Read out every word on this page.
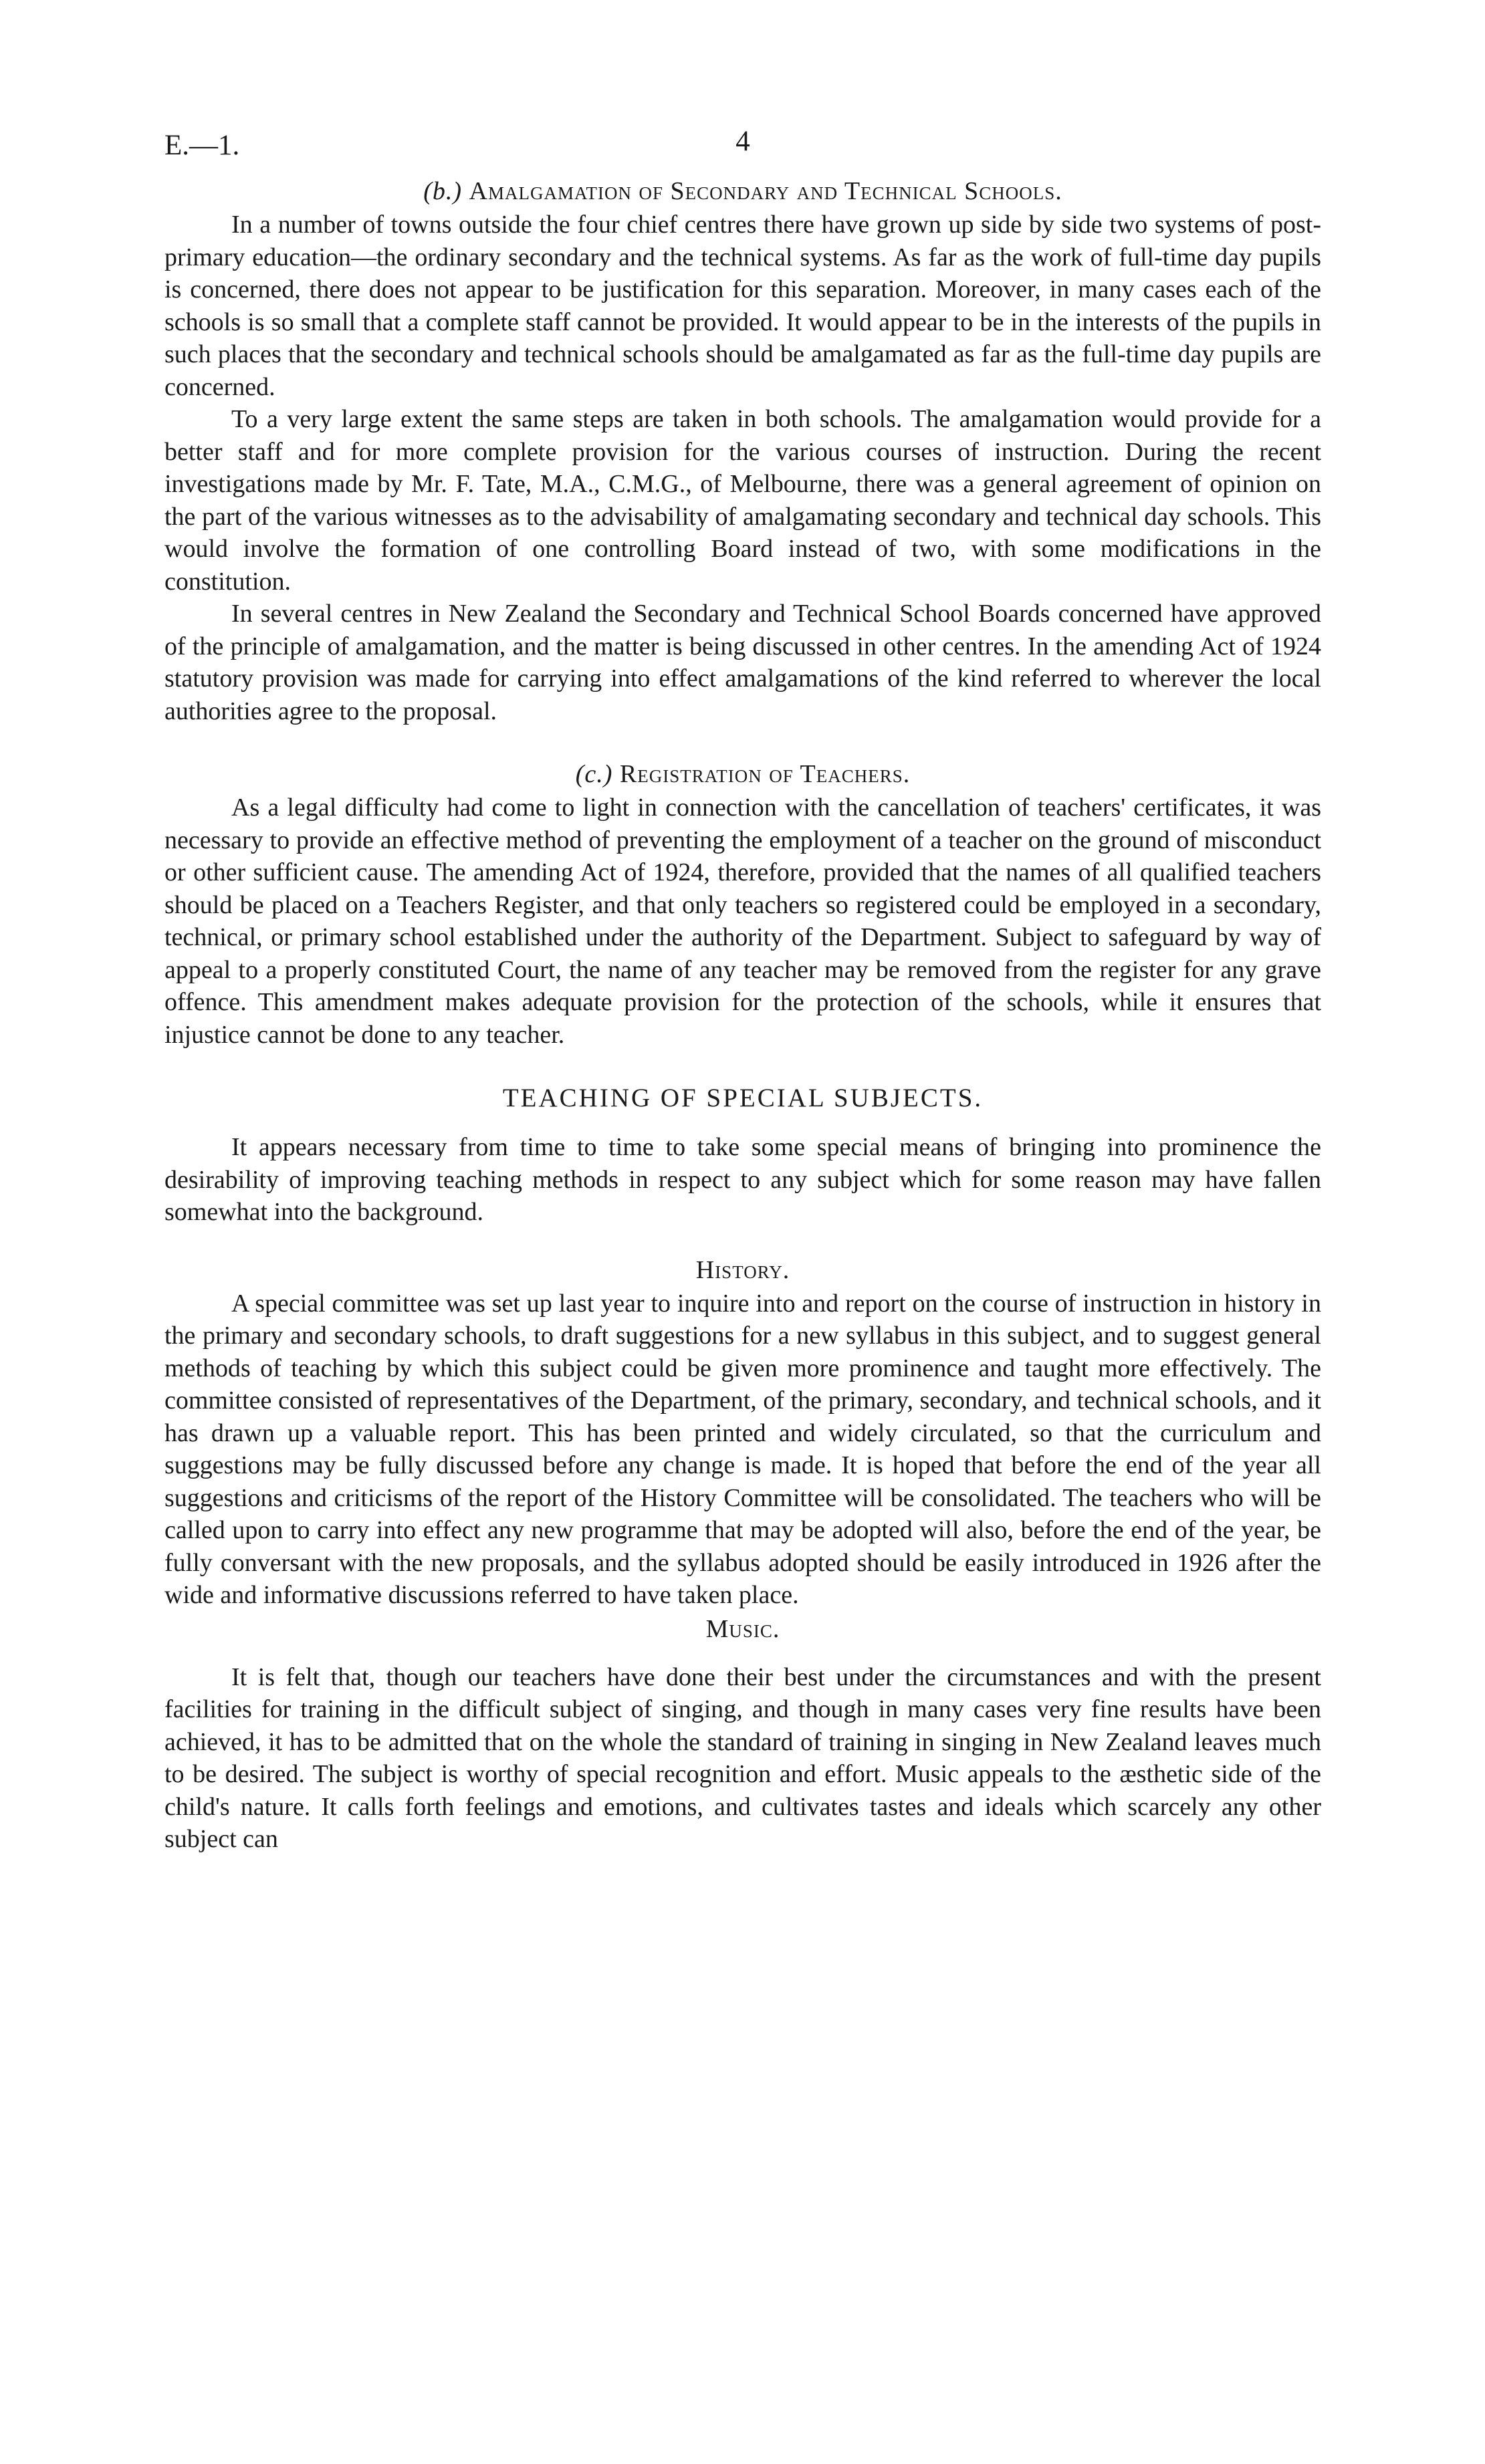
E.—1.	4
(b.) Amalgamation of Secondary and Technical Schools.

In a number of towns outside the four chief centres there have grown up side by side two systems of post-primary education—the ordinary secondary and the technical systems. As far as the work of full-time day pupils is concerned, there does not appear to be justification for this separation. Moreover, in many cases each of the schools is so small that a complete staff cannot be provided. It would appear to be in the interests of the pupils in such places that the secondary and technical schools should be amalgamated as far as the full-time day pupils are concerned.

To a very large extent the same steps are taken in both schools. The amalgamation would provide for a better staff and for more complete provision for the various courses of instruction. During the recent investigations made by Mr. F. Tate, M.A., C.M.G., of Melbourne, there was a general agreement of opinion on the part of the various witnesses as to the advisability of amalgamating secondary and technical day schools. This would involve the formation of one controlling Board instead of two, with some modifications in the constitution.

In several centres in New Zealand the Secondary and Technical School Boards concerned have approved of the principle of amalgamation, and the matter is being discussed in other centres. In the amending Act of 1924 statutory provision was made for carrying into effect amalgamations of the kind referred to wherever the local authorities agree to the proposal.

(c.) Registration of Teachers.

As a legal difficulty had come to light in connection with the cancellation of teachers' certificates, it was necessary to provide an effective method of preventing the employment of a teacher on the ground of misconduct or other sufficient cause. The amending Act of 1924, therefore, provided that the names of all qualified teachers should be placed on a Teachers Register, and that only teachers so registered could be employed in a secondary, technical, or primary school established under the authority of the Department. Subject to safeguard by way of appeal to a properly constituted Court, the name of any teacher may be removed from the register for any grave offence. This amendment makes adequate provision for the protection of the schools, while it ensures that injustice cannot be done to any teacher.

TEACHING OF SPECIAL SUBJECTS.

It appears necessary from time to time to take some special means of bringing into prominence the desirability of improving teaching methods in respect to any subject which for some reason may have fallen somewhat into the background.

History.

A special committee was set up last year to inquire into and report on the course of instruction in history in the primary and secondary schools, to draft suggestions for a new syllabus in this subject, and to suggest general methods of teaching by which this subject could be given more prominence and taught more effectively. The committee consisted of representatives of the Department, of the primary, secondary, and technical schools, and it has drawn up a valuable report. This has been printed and widely circulated, so that the curriculum and suggestions may be fully discussed before any change is made. It is hoped that before the end of the year all suggestions and criticisms of the report of the History Committee will be consolidated. The teachers who will be called upon to carry into effect any new programme that may be adopted will also, before the end of the year, be fully conversant with the new proposals, and the syllabus adopted should be easily introduced in 1926 after the wide and informative discussions referred to have taken place.

Music.

It is felt that, though our teachers have done their best under the circumstances and with the present facilities for training in the difficult subject of singing, and though in many cases very fine results have been achieved, it has to be admitted that on the whole the standard of training in singing in New Zealand leaves much to be desired. The subject is worthy of special recognition and effort. Music appeals to the æsthetic side of the child's nature. It calls forth feelings and emotions, and cultivates tastes and ideals which scarcely any other subject can
